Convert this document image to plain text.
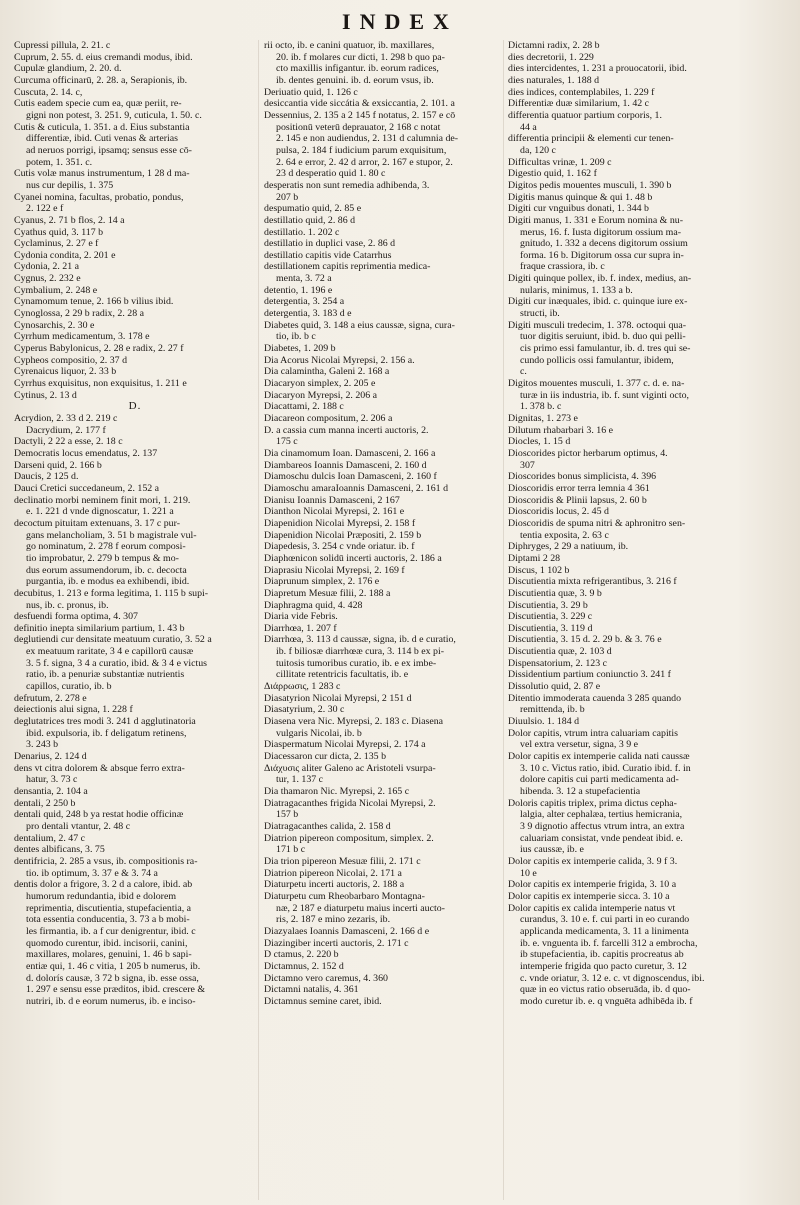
INDEX
Cupressi pillula, 2. 21. c
Cuprum, 2. 55. d. eius cremandi modus, ibid.
Cupulæ glandium, 2. 20. d.
Curcuma officinarū, 2. 28. a, Serapionis, ib.
Cuscuta, 2. 14. c,
Cutis eadem specie cum ea, quæ periit, re-
gigni non potest, 3. 251. 9, cuticula, 1. 50. c.
Cutis & cuticula, 1. 351. a d. Eius substantia
differentiæ, ibid. Cuti venas & arterias
ad neruos porrigi, ipsamq; sensus esse cō-
potem, 1. 351. c.
Cutis volæ manus instrumentum, 1 28 d ma-
nus cur depilis, 1. 375
Cyanei nomina, facultas, probatio, pondus,
2. 122 e f
Cyanus, 2. 71 b flos, 2. 14 a
Cyathus quid, 3. 117 b
Cyclaminus, 2. 27 e f
Cydonia condita, 2. 201 e
Cydonia, 2. 21 a
Cygnus, 2. 232 e
Cymbalium, 2. 248 e
Cynamomum tenue, 2. 166 b vilius ibid.
Cynoglossa, 2 29 b radix, 2. 28 a
Cynosarchis, 2. 30 e
Cyrrhum medicamentum, 3. 178 e
Cyperus Babylonicus, 2. 28 e radix, 2. 27 f
Cypheos compositio, 2. 37 d
Cyrenaicus liquor, 2. 33 b
Cyrrhus exquisitus, non exquisitus, 1. 211 e
Cytinus, 2. 13 d
D.
Acrydion, 2. 33 d 2. 219 c
Dacrydium, 2. 177 f
Dactyli, 2 22 a esse, 2. 18 c
Democratis locus emendatus, 2. 137
Darseni quid, 2. 166 b
Daucis, 2 125 d.
Dauci Cretici succedaneum, 2. 152 a
declinatio morbi neminem finit mori, 1. 219.
e. 1. 221 d vnde dignoscatur, 1. 221 a
decoctum pituitam extenuans, 3. 17 c pur-
gans melancholiam, 3. 51 b magistrale vul-
go nominatum, 2. 278 f eorum composi-
tio improbatur, 2. 279 b tempus & mo-
dus eorum assumendorum, ib. c. decocta
purgantia, ib. e modus ea exhibendi, ibid.
decubitus, 1. 213 e forma legitima, 1. 115 b supi-
nus, ib. c. pronus, ib.
desfuendi forma optima, 4. 307
definitio inepta similarium partium, 1. 43 b
deglutiendi cur densitate meatuum curatio, 3. 52 a
ex meatuum raritate, 3 4 e capillorū causæ
3. 5 f. signa, 3 4 a curatio, ibid. & 3 4 e victus
ratio, ib. a penuriæ substantiæ nutrientis
capillos, curatio, ib. b
defrutum, 2. 278 e
deiectionis alui signa, 1. 228 f
deglutatrices tres modi 3. 241 d agglutinatoria
ibid. expulsoria, ib. f deligatum retinens,
3. 243 b
Denarius, 2. 124 d
dens vt citra dolorem & absque ferro extra-
hatur, 3. 73 c
densantia, 2. 104 a
dentali, 2 250 b
dentali quid, 248 b ya restat hodie officinæ
pro dentali vtantur, 2. 48 c
dentalium, 2. 47 c
dentes albificans, 3. 75
dentifricia, 2. 285 a vsus, ib. compositionis ra-
tio. ib optimum, 3. 37 e & 3. 74 a
dentis dolor a frigore, 3. 2 d a calore, ibid. ab
humorum redundantia, ibid e dolorem
reprimentia, discutientia, stupefacientia, a
tota essentia conducentia, 3. 73 a b mobi-
les firmantia, ib. a f cur denigrentur, ibid. c
quomodo curentur, ibid. incisorii, canini,
maxillares, molares, genuini, 1. 46 b sapi-
entiæ qui, 1. 46 c vitia, 1 205 b numerus, ib.
d. dolorís causæ, 3 72 b signa, ib. esse ossa,
1. 297 e sensu esse præditos, ibid. crescere &
nutriri, ib. d e eorum numerus, ib. e inciso-
rii octo, ib. e canini quatuor, ib. maxillares,
20. ib. f molares cur dicti, 1. 298 b quo pa-
cto maxillis infigantur. ib. eorum radices,
ib. dentes genuini. ib. d. eorum vsus, ib.
Deriuatio quid, 1. 126 c
desiccantia vide siccátia & exsiccantia, 2. 101. a
Dessennius, 2. 135 a 2 145 f notatus, 2. 157 e cō
positionū veterū deprauator, 2 168 c notat
2. 145 e non audiendus, 2. 131 d calumnia de-
pulsa, 2. 184 f iudicium parum exquisitum,
2. 64 e error, 2. 42 d arror, 2. 167 e stupor, 2.
23 d desperatio quid 1. 80 c
desperatis non sunt remedia adhibenda, 3.
207 b
despumatio quid, 2. 85 e
destillatio quid, 2. 86 d
destillatio. 1. 202 c
destillatio in duplici vase, 2. 86 d
destillatio capitis vide Catarrhus
destillationem capitis reprimentia medica-
menta, 3. 72 a
detentio, 1. 196 e
detergentia, 3. 254 a
detergentia, 3. 183 d e
Diabetes quid, 3. 148 a eius caussæ, signa, cura-
tio, ib. b c
Diabetes, 1. 209 b
Dia Acorus Nicolai Myrepsi, 2. 156 a.
Dia calamintha, Galeni 2. 168 a
Diacaryon simplex, 2. 205 e
Diacaryon Myrepsi, 2. 206 a
Diacattami, 2. 188 c
Diacareon compositum, 2. 206 a
D. a cassia cum manna incerti auctoris, 2.
175 c
Dia cinamomum Ioan. Damasceni, 2. 166 a
Diambareos Ioannis Damasceni, 2. 160 d
Diamoschu dulcis Ioan Damasceni, 2. 160 f
Diamoschu amaraIoannis Damasceni, 2. 161 d
Dianisu Ioannis Damasceni, 2 167
Dianthon Nicolai Myrepsi, 2. 161 e
Diapenidion Nicolai Myrepsi, 2. 158 f
Diapenidion Nicolai Præpositi, 2. 159 b
Diapedesis, 3. 254 c vnde oriatur. ib. f
Diaphœnicon solidū incerti auctoris, 2. 186 a
Diaprasiu Nicolai Myrepsi, 2. 169 f
Diaprunum simplex, 2. 176 e
Diapretum Mesuæ filii, 2. 188 a
Diaphragma quid, 4. 428
Diaria vide Febris.
Diarrhœa, 1. 207 f
Diarrhœa, 3. 113 d caussæ, signa, ib. d e curatio,
ib. f biliosæ diarrhœæ cura, 3. 114 b ex pi-
tuitosis tumoribus curatio, ib. e ex imbe-
cillitate retentricis facultatis, ib. e
Διάρρωσις, 1 283 c
Diasatyrion Nicolai Myrepsi, 2 151 d
Diasatyrium, 2. 30 c
Diasena vera Nic. Myrepsi, 2. 183 c. Diasena
vulgaris Nicolai, ib. b
Diaspermatum Nicolai Myrepsi, 2. 174 a
Diacessaron cur dicta, 2. 135 b
Διάχυσις aliter Galeno ac Aristoteli vsurpa-
tur, 1. 137 c
Dia thamaron Nic. Myrepsi, 2. 165 c
Diatragacanthes frigida Nicolai Myrepsi, 2.
157 b
Diatragacanthes calida, 2. 158 d
Diatrion pipereon compositum, simplex. 2.
171 b c
Dia trion pipereon Mesuæ filii, 2. 171 c
Diatrion pipereon Nicolai, 2. 171 a
Diaturpetu incerti auctoris, 2. 188 a
Diaturpetu cum Rheobarbaro Montagna-
næ, 2 187 e diaturpetu maius incerti aucto-
ris, 2. 187 e mino zezaris, ib.
Diazyalaes Ioannis Damasceni, 2. 166 d e
Diazingiber incerti auctoris, 2. 171 c
D ctamus, 2. 220 b
Dictamnus, 2. 152 d
Dictamno vero caremus, 4. 360
Dictamni natalis, 4. 361
Dictamnus semine caret, ibid.
Dictamni radix, 2. 28 b
dies decretorii, 1. 229
dies intercidentes, 1. 231 a prouocatorii, ibid.
dies naturales, 1. 188 d
dies indices, contemplabiles, 1. 229 f
Differentiæ duæ similarium, 1. 42 c
differentia quatuor partium corporis, 1.
44 a
differentia principii & elementi cur tenen-
da, 120 c
Difficultas vrinæ, 1. 209 c
Digestio quid, 1. 162 f
Digitos pedis mouentes musculi, 1. 390 b
Digitis manus quinque & qui 1. 48 b
Digiti cur vnguibus donati, 1. 344 b
Digiti manus, 1. 331 e Eorum nomina & nu-
merus, 16. f. Iusta digitorum ossium ma-
gnitudo, 1. 332 a decens digitorum ossium
forma. 16 b. Digitorum ossa cur supra in-
fraque crassiora, ib. c
Digiti quinque pollex, ib. f. index, medius, an-
nularis, minimus, 1. 133 a b.
Digiti cur inæquales, ibid. c. quinque iure ex-
structi, ib.
Digiti musculi tredecim, 1. 378. octoqui qua-
tuor digitis seruiunt, ibid. b. duo qui pelli-
cis primo essi famulantur, ib. d. tres qui se-
cundo pollicis ossi famulantur, ibidem,
c.
Digitos mouentes musculi, 1. 377 c. d. e. na-
turæ in iis industria, ib. f. sunt viginti octo,
1. 378 b. c
Dignitas, 1. 273 e
Dilutum rhabarbari 3. 16 e
Diocles, 1. 15 d
Dioscorides pictor herbarum optimus, 4.
307
Dioscorides bonus simplicista, 4. 396
Dioscoridis error terra lemnia 4 361
Dioscoridis & Plinii lapsus, 2. 60 b
Dioscoridis locus, 2. 45 d
Dioscoridis de spuma nitri & aphronitro sen-
tentia exposita, 2. 63 c
Diphryges, 2 29 a natiuum, ib.
Diptami 2 28
Discus, 1 102 b
Discutientia mixta refrigerantibus, 3. 216 f
Discutientia quæ, 3. 9 b
Discutientia, 3. 29 b
Discutientia, 3. 229 c
Discutientia, 3. 119 d
Discutientia, 3. 15 d. 2. 29 b. & 3. 76 e
Discutientia quæ, 2. 103 d
Dispensatorium, 2. 123 c
Dissidentium partium coniunctio 3. 241 f
Dissolutio quid, 2. 87 e
Ditentio immoderata cauenda 3 285 quando
remittenda, ib. b
Diuulsio. 1. 184 d
Dolor capitis, vtrum intra caluariam capitis
vel extra versetur, signa, 3 9 e
Dolor capitis ex intemperie calida nati caussæ
3. 10 c. Victus ratio, ibid. Curatio ibid. f. in
dolore capitis cui parti medicamenta ad-
hibenda. 3. 12 a stupefacientia
Doloris capitis triplex, prima dictus cepha-
lalgia, alter cephalæa, tertius hemicrania,
3 9 dignotio affectus vtrum intra, an extra
caluariam consistat, vnde pendeat ibid. e.
ius caussæ, ib. e
Dolor capitis ex intemperie calida, 3. 9 f 3.
10 e
Dolor capitis ex intemperie frigida, 3. 10 a
Dolor capitis ex intemperie sicca. 3. 10 a
Dolor capitis ex calida intemperie natus vt
curandus, 3. 10 e. f. cui parti in eo curando
applicanda medicamenta, 3. 11 a linimenta
ib. e. vnguenta ib. f. farcelli 312 a embrocha,
ib stupefacientia, ib. capitis procreatus ab
intemperie frigida quo pacto curetur, 3. 12
c. vnde oriatur, 3. 12 e. c. vt dignoscendus, ibi.
quæ in eo victus ratio obseruāda, ib. d quo-
modo curetur ib. e. q vnguēta adhibēda ib. f
